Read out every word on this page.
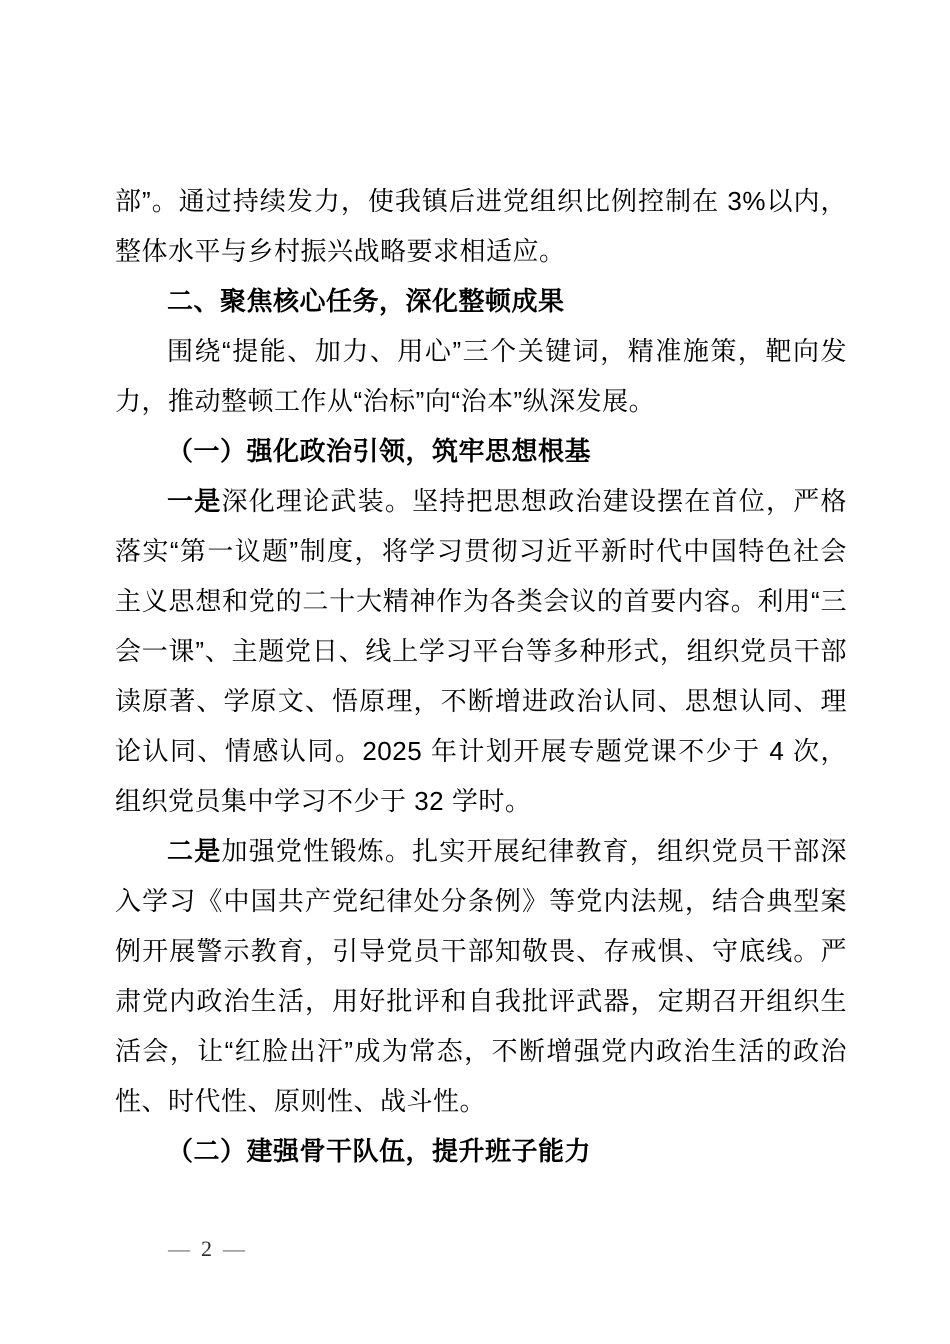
部”。通过持续发力，使我镇后进党组织比例控制在 3%以内，整体水平与乡村振兴战略要求相适应。

二、聚焦核心任务，深化整顿成果

围绕“提能、加力、用心”三个关键词，精准施策，靶向发力，推动整顿工作从“治标”向“治本”纵深发展。

（一）强化政治引领，筑牢思想根基

一是深化理论武装。坚持把思想政治建设摆在首位，严格落实“第一议题”制度，将学习贯彻习近平新时代中国特色社会主义思想和党的二十大精神作为各类会议的首要内容。利用“三会一课”、主题党日、线上学习平台等多种形式，组织党员干部读原著、学原文、悟原理，不断增进政治认同、思想认同、理论认同、情感认同。2025 年计划开展专题党课不少于 4 次，组织党员集中学习不少于 32 学时。

二是加强党性锻炼。扎实开展纪律教育，组织党员干部深入学习《中国共产党纪律处分条例》等党内法规，结合典型案例开展警示教育，引导党员干部知敬畏、存戒惧、守底线。严肃党内政治生活，用好批评和自我批评武器，定期召开组织生活会，让“红脸出汗”成为常态，不断增强党内政治生活的政治性、时代性、原则性、战斗性。

（二）建强骨干队伍，提升班子能力
— 2 —
